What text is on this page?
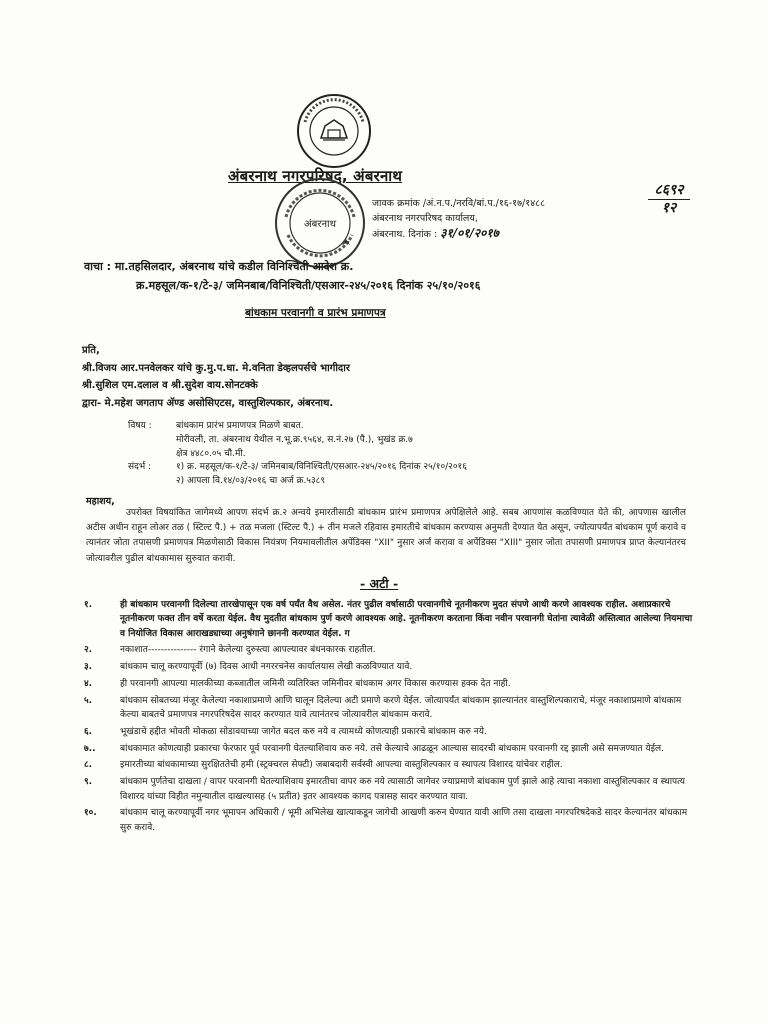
अंबरनाथ नगरपरिषद, अंबरनाथ
अंबरनाथ
जावक क्रमांक /अं.न.प./नरवि/बां.प./१६-१७/१४८८
अंबरनाथ नगरपरिषद कार्यालय,
अंबरनाथ. दिनांक : ३१/०१/२०१७
८६९२
१२
वाचा : मा.तहसिलदार, अंबरनाथ यांचे कडील विनिश्चिती आदेश क्र.
क्र.महसूल/क-१/टे-३/ जमिनबाब/विनिश्चिती/एसआर-२४५/२०१६ दिनांक २५/१०/२०१६
बांधकाम परवानगी व प्रारंभ प्रमाणपत्र
प्रति,
श्री.विजय आर.पनवेलकर यांचे कु.मु.प.धा. मे.वनिता डेव्हलपर्सचे भागीदार
श्री.सुशिल एम.दलाल व श्री.सुदेश वाय.सोनटक्के
द्वारा- मे.महेश जगताप ॲण्ड असोसिएटस, वास्तुशिल्पकार, अंबरनाथ.
विषय :	बांधकाम प्रारंभ प्रमाणपत्र मिळणे बाबत.
मोरीवली, ता. अंबरनाथ येथील न.भू.क्र.९५६४, स.नं.२७ (पै.), भुखंड क्र.७
क्षेत्र ४४८०.०५ चौ.मी.
संदर्भ :	१) क्र. महसूल/क-१/टे-३/ जमिनबाब/विनिश्चिती/एसआर-२४५/२०१६ दिनांक २५/१०/२०१६
२) आपला वि.१४/०३/२०१६ चा अर्ज क्र.५३८९
महाशय,
उपरोक्त विषयांकित जागेमध्ये आपण संदर्भ क्र.२ अन्वये इमारतीसाठी बांधकाम प्रारंभ प्रमाणपत्र अपेक्षिलेले आहे. सबब आपणांस कळविण्यात येते की, आपणास खालील अटीस अधीन राहून लोअर तळ ( स्टिल्ट पै.) + तळ मजला (स्टिल्ट पै.) + तीन मजले रहिवास इमारतीचे बांधकाम करण्यास अनुमती देण्यात येत असून, ज्योत्यापर्यंत बांधकाम पूर्ण करावे व त्यानंतर जोता तपासणी प्रमाणपत्र मिळणेसाठी विकास नियंत्रण नियमावलीतील अपेंडिक्स "XII" नुसार अर्ज करावा व अपेंडिक्स "XIII" नुसार जोता तपासणी प्रमाणपत्र प्राप्त केल्यानंतरच जोत्यावरील पुढील बांधकामास सुरुवात करावी.
- अटी -
१.	ही बांधकाम परवानगी दिलेल्या तारखेपासून एक वर्ष पर्यंत वैध असेल. नंतर पुढील वर्षासाठी परवानगीचे नूतनीकरण मुदत संपणे आधी करणे आवश्यक राहील. अशाप्रकारचे नूतनीकरण फक्त तीन वर्षे करता येईल. वैध मुदतीत बांधकाम पुर्ण करणे आवश्यक आहे. नूतनीकरण करताना किंवा नवीन परवानगी घेतांना त्यावेळी अस्तित्वात आलेल्या नियमाचा व नियोजित विकास आराखड्याच्या अनुषंगाने छाननी करण्यात येईल. ग
२.	नकाशात--------------- रंगाने केलेल्या दुरुस्त्या आपल्यावर बंधनकारक राहतील.
३.	बांधकाम चालू करण्यापूर्वी (७) दिवस आधी नगररचनेस कार्यालयास लेखी कळविण्यात यावे.
४.	ही परवानगी आपल्या मालकीच्या कब्जातील जमिनी व्यतिरिक्त जमिनीवर बांधकाम अगर विकास करण्यास हक्क देत नाही.
५.	बांधकाम सोबतच्या मंजूर केलेल्या नकाशाप्रमाणे आणि घालून दिलेल्या अटी प्रमाणे करणे येईल. जोत्यापर्यंत बांधकाम झाल्यानंतर वास्तुशिल्पकाराचे, मंजूर नकाशाप्रमाणे बांधकाम केल्या बाबतचे प्रमाणपत्र नगरपरिषदेस सादर करण्यात यावे त्यानंतरच जोत्यावरील बांधकाम करावे.
६.	भूखंडाचे हद्दीत भोवती मोकळा सोडावयाच्या जागेत बदल करु नये व त्यामध्ये कोणत्याही प्रकारचे बांधकाम करु नये.
७..	बांधकामात कोणत्याही प्रकारचा फेरफार पूर्व परवानगी घेतल्याशिवाय करु नये. तसे केल्याचे आढळून आल्यास सादरची बांधकाम परवानगी रद्द झाली असे समजण्यात येईल.
८.	इमारतीच्या बांधकामाच्या सुरक्षिततेची हमी (स्ट्रक्चरल सेफ्टी) जबाबदारी सर्वस्वी आपल्या वास्तुशिल्पकार व स्थापत्य विशारद यांचेवर राहील.
९.	बांधकाम पुर्णतेचा दाखला / वापर परवानगी घेतल्याशिवाय इमारतीचा वापर करु नये त्यासाठी जागेवर ज्याप्रमाणे बांधकाम पुर्ण झाले आहे त्याचा नकाशा वास्तुशिल्पकार व स्थापत्य विशारद यांच्या विहीत नमुन्यातील दाखल्यासह (५ प्रतीत) इतर आवश्यक कागद पत्रासह सादर करण्यात यावा.
१०.	बांधकाम चालू करण्यापूर्वी नगर भूमापन अधिकारी / भूमी अभिलेख खात्याकडून जागेची आखणी करुन घेण्यात यावी आणि तसा दाखला नगरपरिषदेकडे सादर केल्यानंतर बांधकाम सुरु करावे.
